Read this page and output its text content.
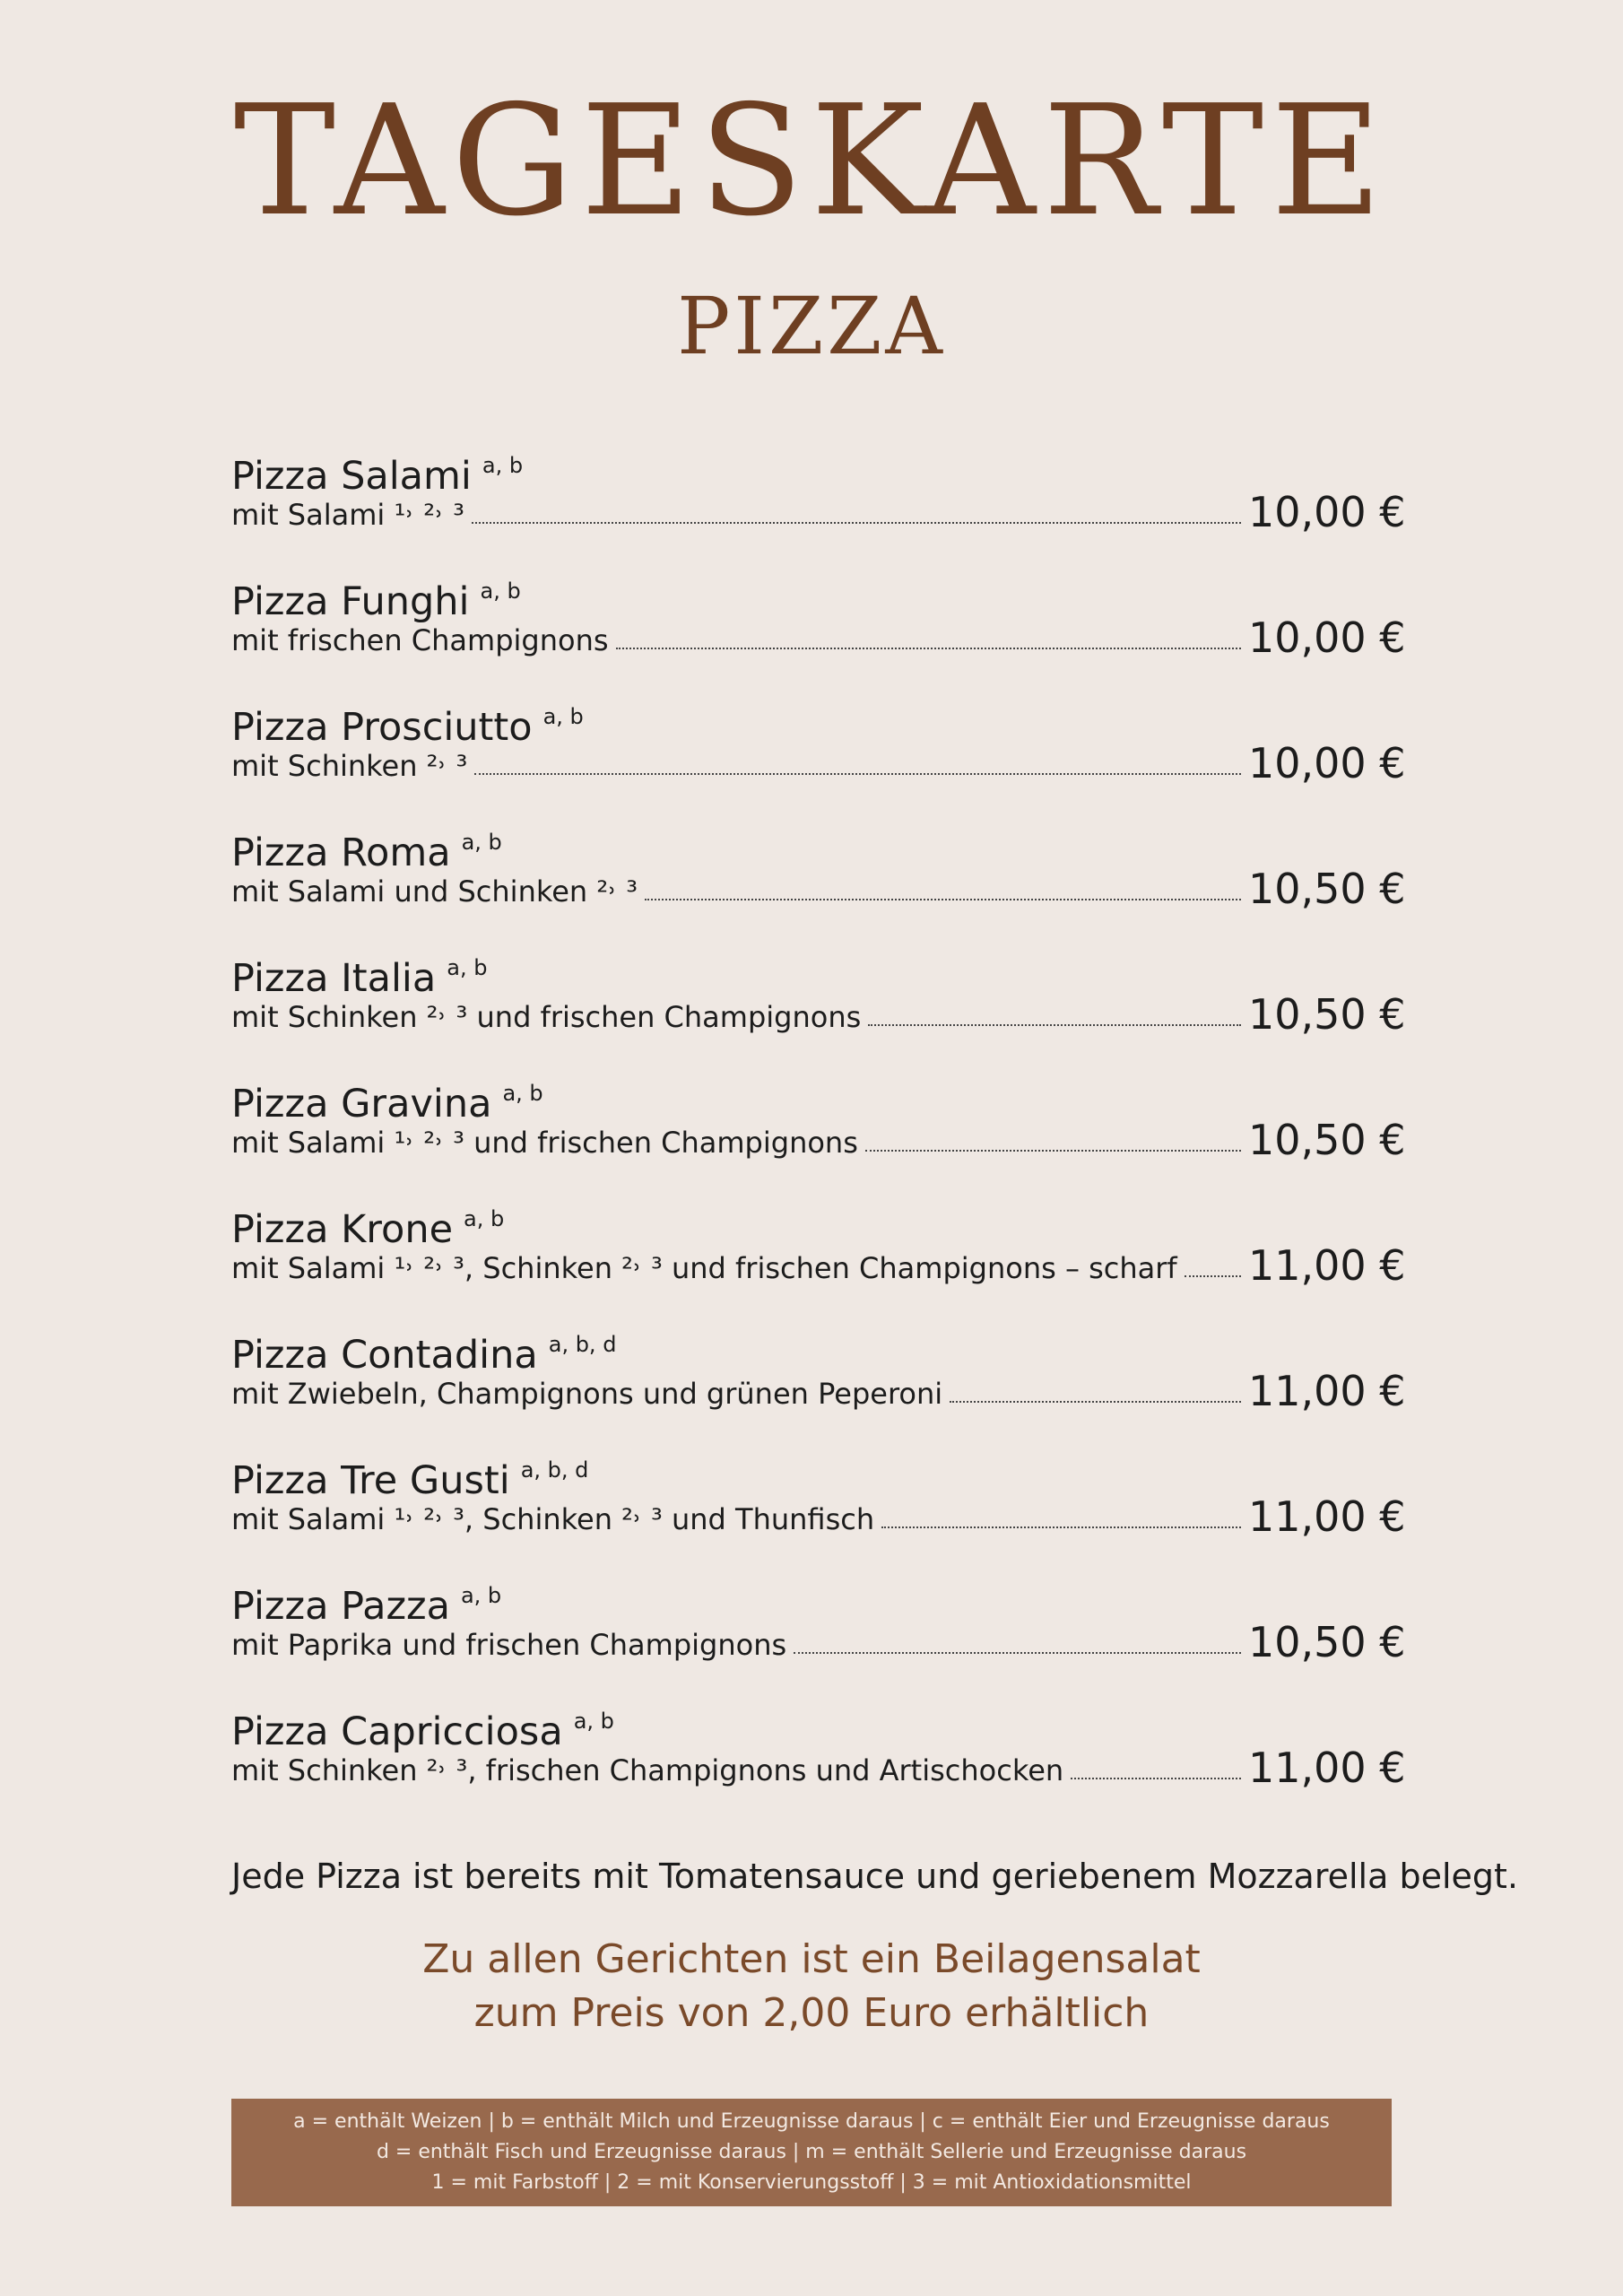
TAGESKARTE
PIZZA
Pizza Salami $^{a, b}$
mit Salami ¹˒ ²˒ ³	10,00 €
Pizza Funghi $^{a, b}$
mit frischen Champignons	10,00 €
Pizza Prosciutto $^{a, b}$
mit Schinken ²˒ ³	10,00 €
Pizza Roma $^{a, b}$
mit Salami und Schinken ²˒ ³	10,50 €
Pizza Italia $^{a, b}$
mit Schinken ²˒ ³ und frischen Champignons	10,50 €
Pizza Gravina $^{a, b}$
mit Salami ¹˒ ²˒ ³ und frischen Champignons	10,50 €
Pizza Krone $^{a, b}$
mit Salami ¹˒ ²˒ ³, Schinken ²˒ ³ und frischen Champignons – scharf 11,00 €
Pizza Contadina $^{a, b, d}$
mit Zwiebeln, Champignons und grünen Peperoni	11,00 €
Pizza Tre Gusti $^{a, b, d}$
mit Salami ¹˒ ²˒ ³, Schinken ²˒ ³ und Thunfisch	11,00 €
Pizza Pazza $^{a, b}$
mit Paprika und frischen Champignons	10,50 €
Pizza Capricciosa $^{a, b}$
mit Schinken ²˒ ³, frischen Champignons und Artischocken	11,00 €
Jede Pizza ist bereits mit Tomatensauce und geriebenem Mozzarella belegt.
Zu allen Gerichten ist ein Beilagensalat
zum Preis von 2,00 Euro erhältlich
a = enthält Weizen | b = enthält Milch und Erzeugnisse daraus | c = enthält Eier und Erzeugnisse daraus
d = enthält Fisch und Erzeugnisse daraus | m = enthält Sellerie und Erzeugnisse daraus
1 = mit Farbstoff | 2 = mit Konservierungsstoff | 3 = mit Antioxidationsmittel
